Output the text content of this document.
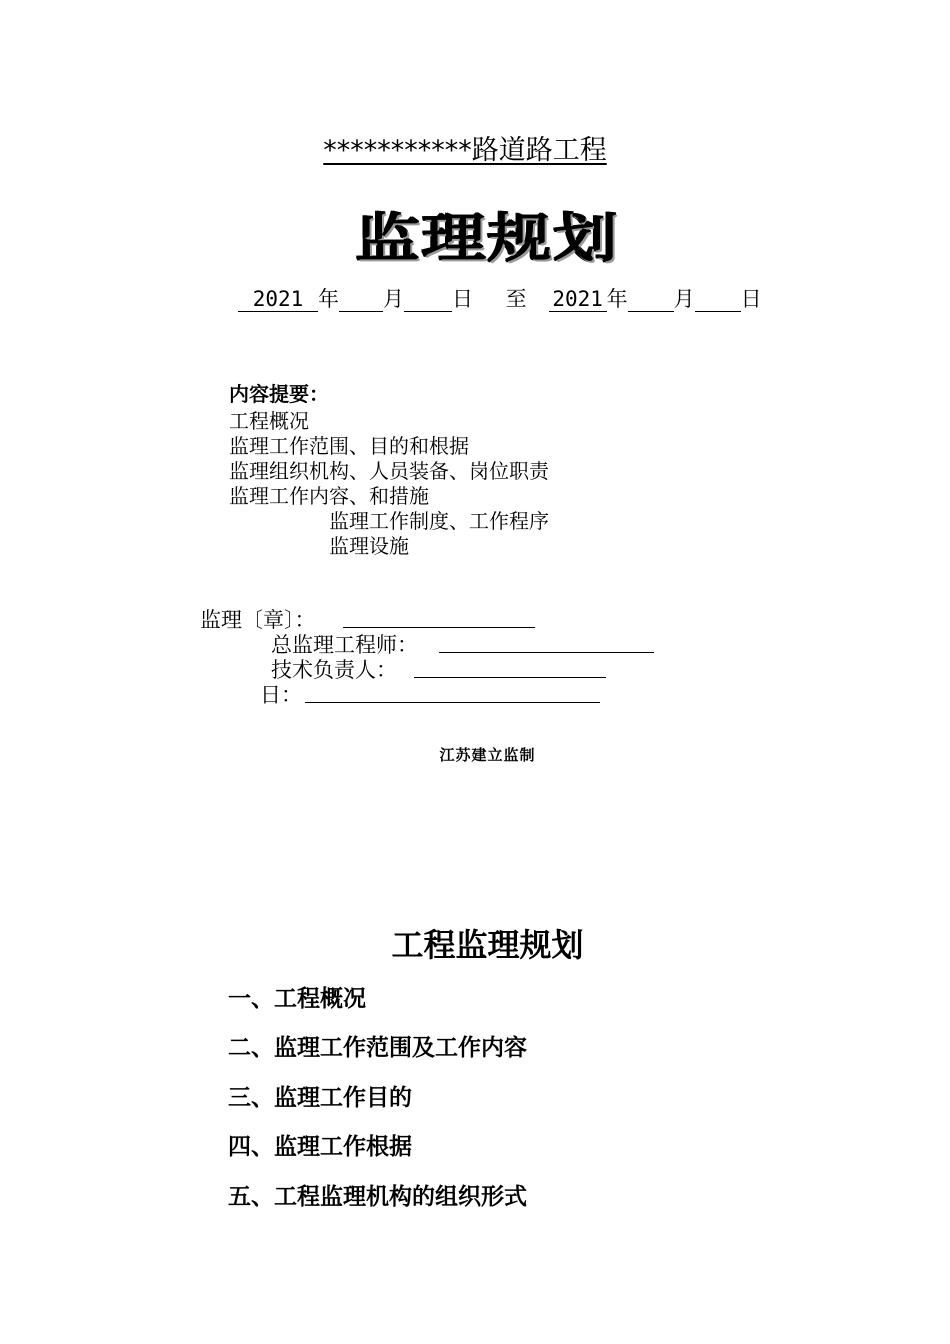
***********路道路工程
监理规划
2021 年 月 日 至 2021 年 月 日
内容提要：
工程概况
监理工作范围、目的和根据
监理组织机构、人员装备、岗位职责
监理工作内容、和措施
监理工作制度、工作程序
监理设施
监理〔章〕：
总监理工程师：
技术负责人：
日：
江苏建立监制
工程监理规划
一、工程概况
二、监理工作范围及工作内容
三、监理工作目的
四、监理工作根据
五、工程监理机构的组织形式
